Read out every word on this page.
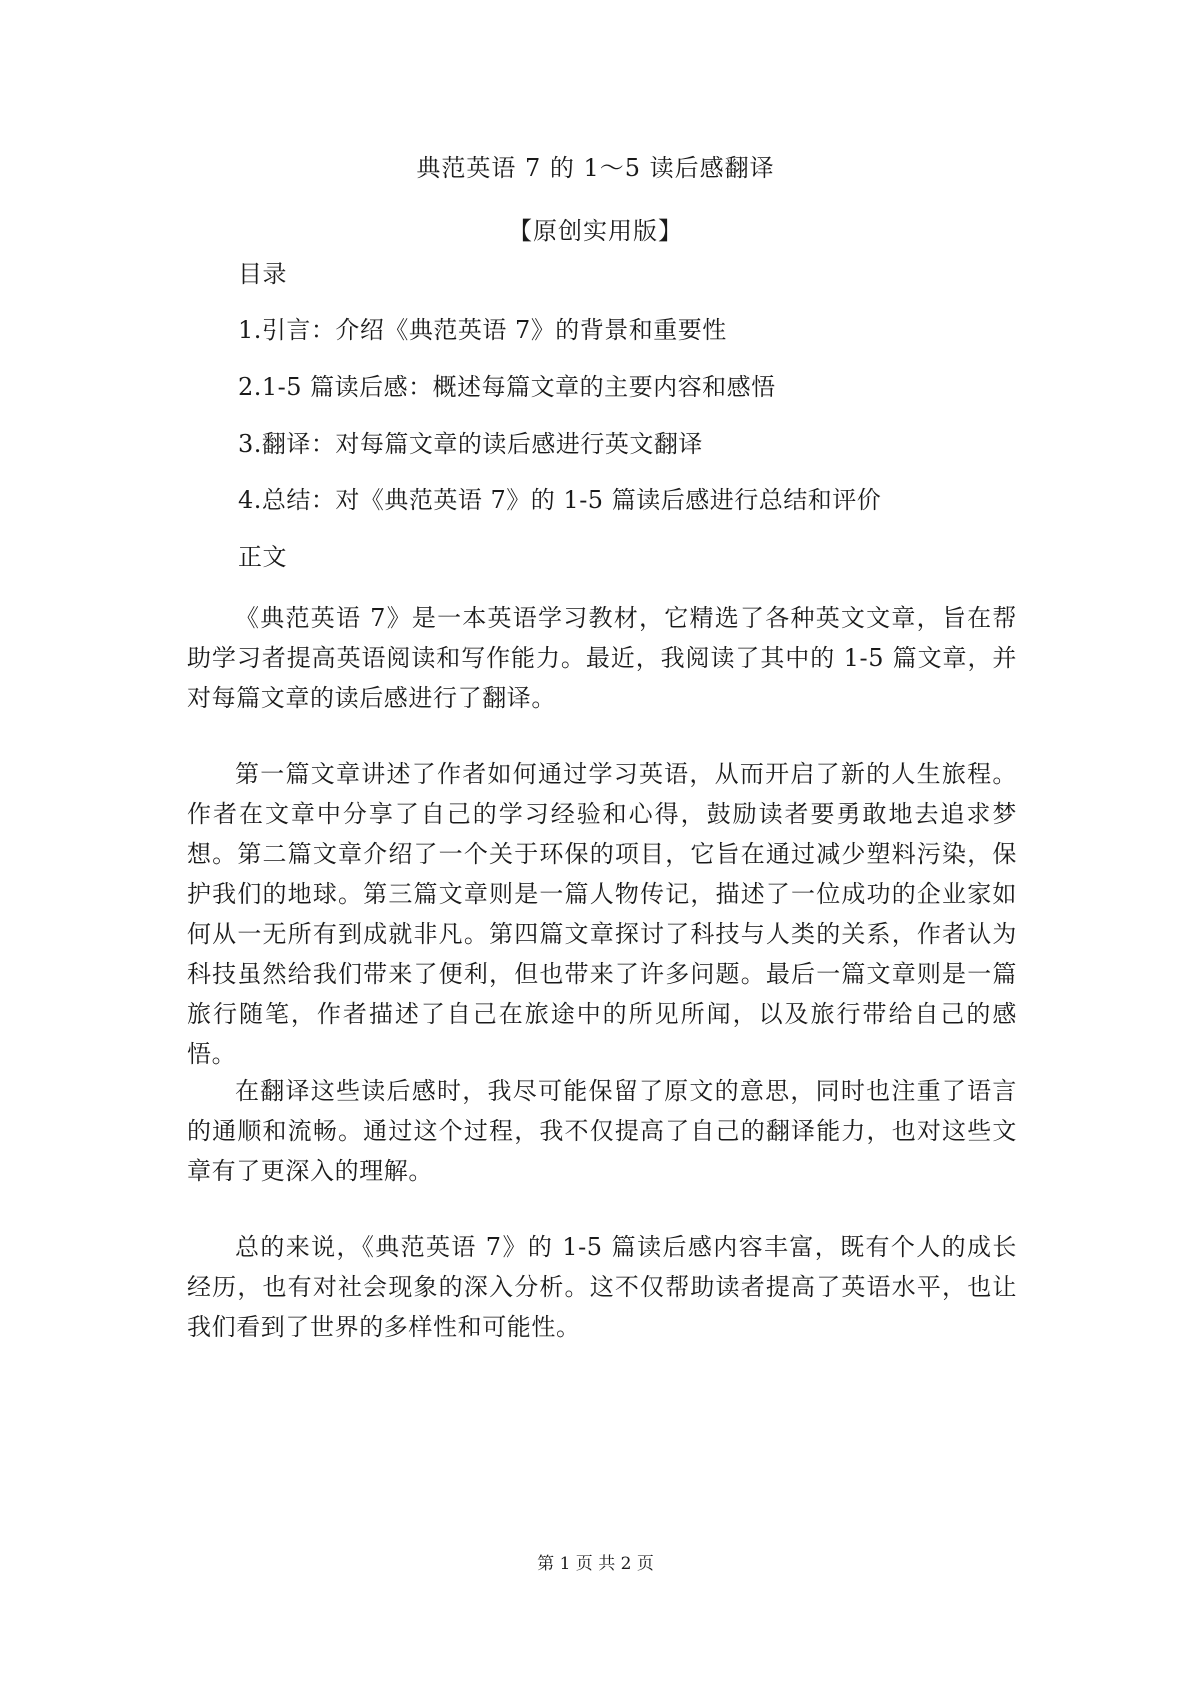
典范英语 7 的 1～5 读后感翻译
【原创实用版】
目录
1.引言：介绍《典范英语 7》的背景和重要性
2.1-5 篇读后感：概述每篇文章的主要内容和感悟
3.翻译：对每篇文章的读后感进行英文翻译
4.总结：对《典范英语 7》的 1-5 篇读后感进行总结和评价
正文

《典范英语 7》是一本英语学习教材，它精选了各种英文文章，旨在帮助学习者提高英语阅读和写作能力。最近，我阅读了其中的 1-5 篇文章，并对每篇文章的读后感进行了翻译。

第一篇文章讲述了作者如何通过学习英语，从而开启了新的人生旅程。作者在文章中分享了自己的学习经验和心得，鼓励读者要勇敢地去追求梦想。第二篇文章介绍了一个关于环保的项目，它旨在通过减少塑料污染，保护我们的地球。第三篇文章则是一篇人物传记，描述了一位成功的企业家如何从一无所有到成就非凡。第四篇文章探讨了科技与人类的关系，作者认为科技虽然给我们带来了便利，但也带来了许多问题。最后一篇文章则是一篇旅行随笔，作者描述了自己在旅途中的所见所闻，以及旅行带给自己的感悟。

在翻译这些读后感时，我尽可能保留了原文的意思，同时也注重了语言的通顺和流畅。通过这个过程，我不仅提高了自己的翻译能力，也对这些文章有了更深入的理解。

总的来说，《典范英语 7》的 1-5 篇读后感内容丰富，既有个人的成长经历，也有对社会现象的深入分析。这不仅帮助读者提高了英语水平，也让我们看到了世界的多样性和可能性。

第 1 页 共 2 页
